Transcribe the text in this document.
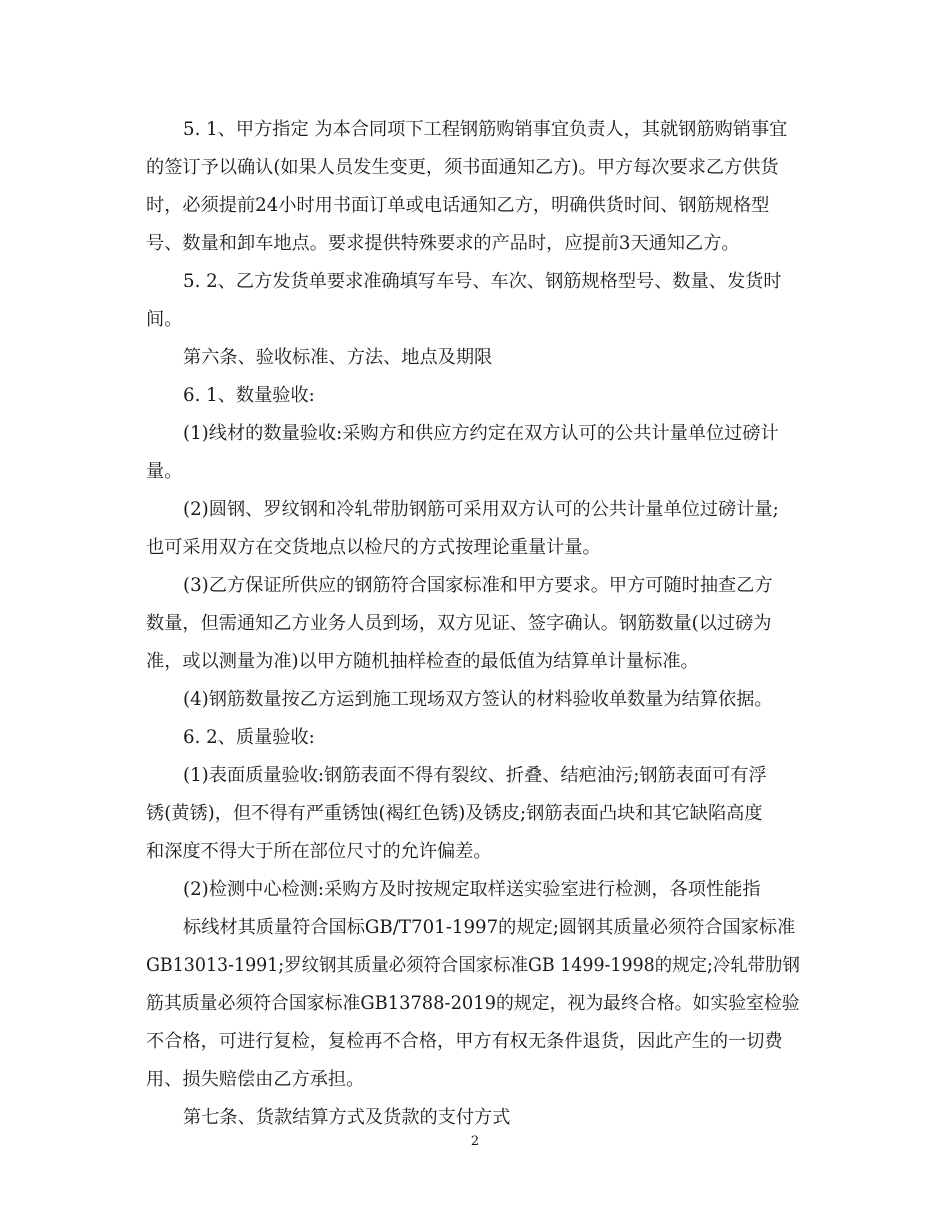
5. 1、甲方指定 为本合同项下工程钢筋购销事宜负责人，其就钢筋购销事宜

的签订予以确认(如果人员发生变更，须书面通知乙方)。甲方每次要求乙方供货

时，必须提前24小时用书面订单或电话通知乙方，明确供货时间、钢筋规格型

号、数量和卸车地点。要求提供特殊要求的产品时，应提前3天通知乙方。

5. 2、乙方发货单要求准确填写车号、车次、钢筋规格型号、数量、发货时

间。

第六条、验收标准、方法、地点及期限

6. 1、数量验收:

(1)线材的数量验收:采购方和供应方约定在双方认可的公共计量单位过磅计

量。

(2)圆钢、罗纹钢和冷轧带肋钢筋可采用双方认可的公共计量单位过磅计量;

也可采用双方在交货地点以检尺的方式按理论重量计量。

(3)乙方保证所供应的钢筋符合国家标准和甲方要求。甲方可随时抽查乙方

数量，但需通知乙方业务人员到场，双方见证、签字确认。钢筋数量(以过磅为

准，或以测量为准)以甲方随机抽样检查的最低值为结算单计量标准。

(4)钢筋数量按乙方运到施工现场双方签认的材料验收单数量为结算依据。

6. 2、质量验收:

(1)表面质量验收:钢筋表面不得有裂纹、折叠、结疤油污;钢筋表面可有浮

锈(黄锈)，但不得有严重锈蚀(褐红色锈)及锈皮;钢筋表面凸块和其它缺陷高度

和深度不得大于所在部位尺寸的允许偏差。

(2)检测中心检测:采购方及时按规定取样送实验室进行检测，各项性能指

标线材其质量符合国标GB/T701-1997的规定;圆钢其质量必须符合国家标准

GB13013-1991;罗纹钢其质量必须符合国家标准GB 1499-1998的规定;冷轧带肋钢

筋其质量必须符合国家标准GB13788-2019的规定，视为最终合格。如实验室检验

不合格，可进行复检，复检再不合格，甲方有权无条件退货，因此产生的一切费

用、损失赔偿由乙方承担。

第七条、货款结算方式及货款的支付方式

2
